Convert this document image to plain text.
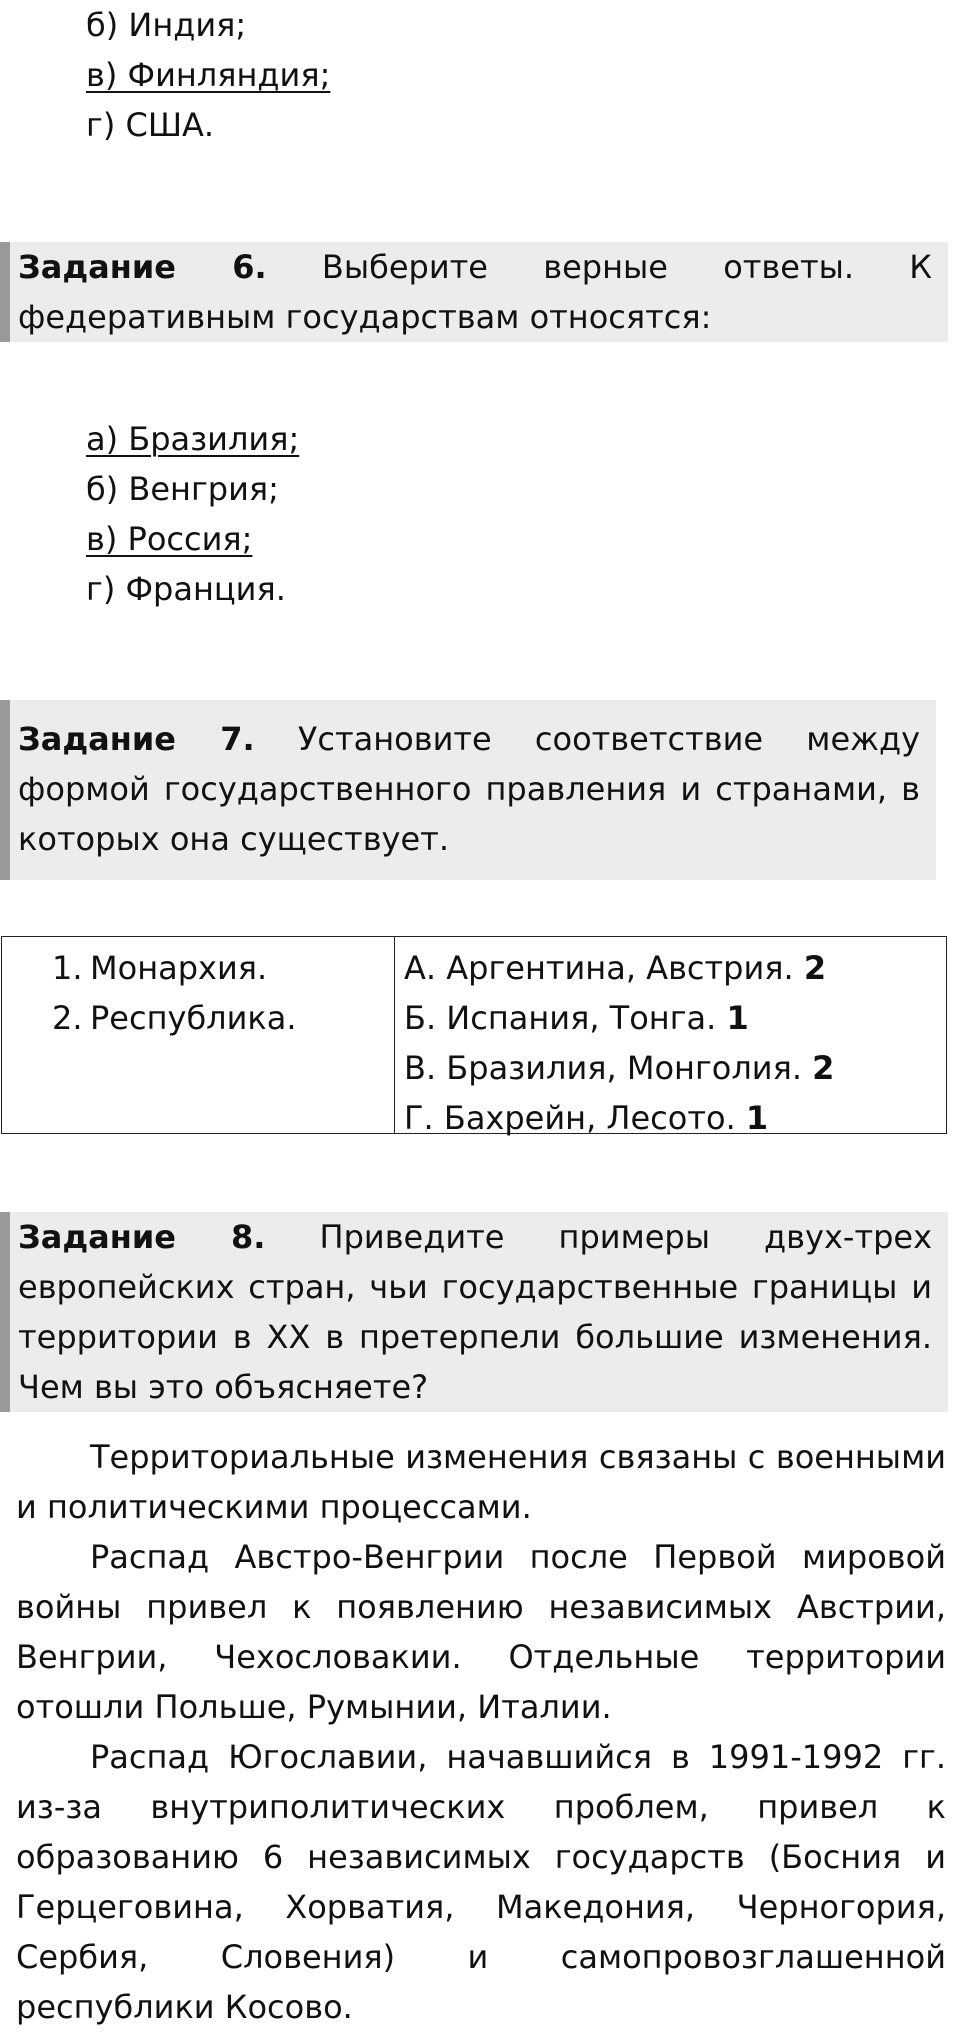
б) Индия;
в) Финляндия;
г) США.
Задание 6. Выберите верные ответы. К федеративным государствам относятся:
а) Бразилия;
б) Венгрия;
в) Россия;
г) Франция.
Задание 7. Установите соответствие между формой государственного правления и странами, в которых она существует.
1. Монархия.
2. Республика.
А. Аргентина, Австрия. 2
Б. Испания, Тонга. 1
В. Бразилия, Монголия. 2
Г. Бахрейн, Лесото. 1
Задание 8. Приведите примеры двух-трех европейских стран, чьи государственные границы и территории в XX в претерпели большие изменения. Чем вы это объясняете?

Территориальные изменения связаны с военными и политическими процессами.

Распад Австро-Венгрии после Первой мировой войны привел к появлению независимых Австрии, Венгрии, Чехословакии. Отдельные территории отошли Польше, Румынии, Италии.

Распад Югославии, начавшийся в 1991-1992 гг. из-за внутриполитических проблем, привел к образованию 6 независимых государств (Босния и Герцеговина, Хорватия, Македония, Черногория, Сербия, Словения) и самопровозглашенной республики Косово.
